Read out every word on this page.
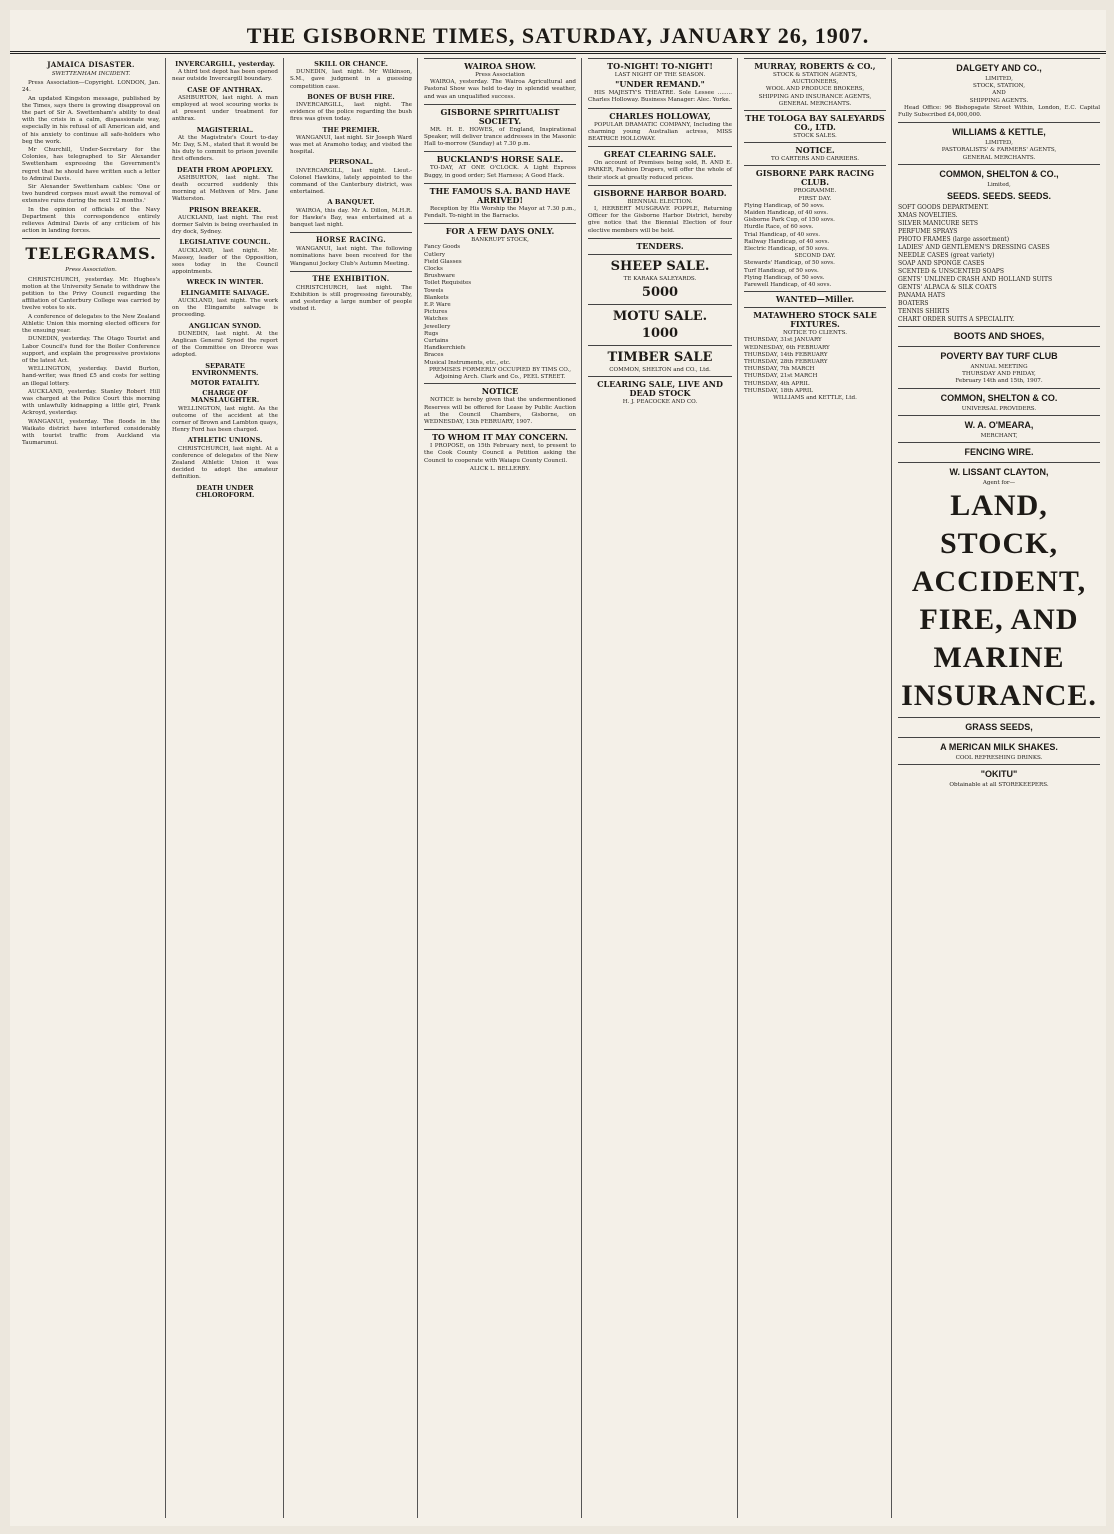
THE GISBORNE TIMES, SATURDAY, JANUARY 26, 1907.
JAMAICA DISASTER.
SWETTENHAM INCIDENT.

Press Association—Copyright. LONDON, Jan. 24.

An updated Kingston message, published by the Times, says there is growing disapproval on the part of Sir A. Swettenham's ability to deal with the crisis in a calm, dispassionate way, especially in his refusal of all American aid, and of his anxiety to continue all safe-holders who beg the work.

Mr Churchill, Under-Secretary for the Colonies, has telegraphed to Sir Alexander Swettenham expressing the Government's regret that he should have written such a letter to Admiral Davis.

Sir Alexander Swettenham cables: 'One or two hundred corpses must await the removal of extensive ruins during the next 12 months.'

In the opinion of officials of the Navy Department this correspondence entirely relieves Admiral Davis of any criticism of his action in landing forces.

TELEGRAMS.
Press Association.

CHRISTCHURCH, yesterday. Mr. Hughes's motion at the University Senate to withdraw the petition to the Privy Council regarding the affiliation of Canterbury College was carried by twelve votes to six.

A conference of delegates to the New Zealand Athletic Union this morning elected officers for the ensuing year.

DUNEDIN, yesterday. The Otago Tourist and Labor Council's fund for the Boiler Conference support, and explain the progressive provisions of the latest Act.

WELLINGTON, yesterday. David Burton, hand-writer, was fined £5 and costs for setting an illegal lottery.

AUCKLAND, yesterday. Stanley Robert Hill was charged at the Police Court this morning with unlawfully kidnapping a little girl, Frank Ackroyd, yesterday.

WANGANUI, yesterday. The floods in the Waikato district have interfered considerably with tourist traffic from Auckland via Taumarunui.

INVERCARGILL, yesterday.

A third test depot has been opened near outside Invercargill boundary.

CASE OF ANTHRAX.

ASHBURTON, last night. A man employed at wool scouring works is at present under treatment for anthrax.

MAGISTERIAL.

At the Magistrate's Court to-day Mr. Day, S.M., stated that it would be his duty to commit to prison juvenile first offenders.

DEATH FROM APOPLEXY.

ASHBURTON, last night. The death occurred suddenly this morning at Methven of Mrs. Jane Watterston.

PRISON BREAKER.

AUCKLAND, last night. The rest dormer Salvin is being overhauled in dry dock, Sydney.

LEGISLATIVE COUNCIL.

AUCKLAND, last night. Mr. Massey, leader of the Opposition, sees today in the Council appointments.

WRECK IN WINTER.
ELINGAMITE SALVAGE.

AUCKLAND, last night. The work on the Elingamite salvage is proceeding.

ANGLICAN SYNOD.

DUNEDIN, last night. At the Anglican General Synod the report of the Committee on Divorce was adopted.

SEPARATE ENVIRONMENTS.
MOTOR FATALITY.
CHARGE OF MANSLAUGHTER.

WELLINGTON, last night. As the outcome of the accident at the corner of Brown and Lambton quays, Henry Ford has been charged.

ATHLETIC UNIONS.

CHRISTCHURCH, last night. At a conference of delegates of the New Zealand Athletic Union it was decided to adopt the amateur definition.

DEATH UNDER CHLOROFORM.
SKILL OR CHANCE.

DUNEDIN, last night. Mr Wilkinson, S.M., gave judgment in a guessing competition case.

BONES OF BUSH FIRE.

INVERCARGILL, last night. The evidence of the police regarding the bush fires was given today.

THE PREMIER.

WANGANUI, last night. Sir Joseph Ward was met at Aramoho today, and visited the hospital.

PERSONAL.

INVERCARGILL, last night. Lieut.-Colonel Hawkins, lately appointed to the command of the Canterbury district, was entertained.

A BANQUET.

WAIROA, this day. Mr A. Dillon, M.H.R. for Hawke's Bay, was entertained at a banquet last night.

HORSE RACING.

WANGANUI, last night. The following nominations have been received for the Wanganui Jockey Club's Autumn Meeting.

THE EXHIBITION.

CHRISTCHURCH, last night. The Exhibition is still progressing favourably, and yesterday a large number of people visited it.

WAIROA SHOW.
Press Association

WAIROA, yesterday. The Wairoa Agricultural and Pastoral Show was held to-day in splendid weather, and was an unqualified success.

GISBORNE SPIRITUALIST SOCIETY.

MR. H. E. HOWES, of England, Inspirational Speaker, will deliver trance addresses in the Masonic Hall to-morrow (Sunday) at 7.30 p.m.

BUCKLAND'S HORSE SALE.

TO-DAY, AT ONE O'CLOCK. A Light Express Buggy, in good order; Set Harness; A Good Hack.

THE FAMOUS S.A. BAND HAVE ARRIVED!

Reception by His Worship the Mayor at 7.30 p.m., Fendalt. To-night in the Barracks.

FOR A FEW DAYS ONLY.
BANKRUPT STOCK,
Fancy Goods
Cutlery
Field Glasses
Clocks
Brushware
Toilet Requisites
Towels
Blankets
E.P. Ware
Pictures
Watches
Jewellery
Rugs
Curtains
Handkerchiefs
Braces
Musical Instruments, etc., etc.
PREMISES FORMERLY OCCUPIED BY TIMS CO., Adjoining Arch. Clark and Co., PEEL STREET.
NOTICE

NOTICE is hereby given that the undermentioned Reserves will be offered for Lease by Public Auction at the Council Chambers, Gisborne, on WEDNESDAY, 13th FEBRUARY, 1907.

TO WHOM IT MAY CONCERN.

I PROPOSE, on 15th February next, to present to the Cook County Council a Petition asking the Council to cooperate with Waiapu County Council.

ALICK L. BELLERBY.
TO-NIGHT! TO-NIGHT!
LAST NIGHT OF THE SEASON.
"UNDER REMAND."

HIS MAJESTY'S THEATRE. Sole Lessee ........ Charles Holloway. Business Manager: Alec. Yorke.

CHARLES HOLLOWAY,

POPULAR DRAMATIC COMPANY, Including the charming young Australian actress, MISS BEATRICE HOLLOWAY.

GREAT CLEARING SALE.

On account of Premises being sold, R. AND E. PARKER, Fashion Drapers, will offer the whole of their stock at greatly reduced prices.

GISBORNE HARBOR BOARD.
BIENNIAL ELECTION.

I, HERBERT MUSGRAVE POPPLE, Returning Officer for the Gisborne Harbor District, hereby give notice that the Biennial Election of four elective members will be held.

TENDERS.
SHEEP SALE.
TE KARAKA SALEYARDS.
5000
MOTU SALE.
1000
TIMBER SALE
COMMON, SHELTON and CO., Ltd.
CLEARING SALE, LIVE AND DEAD STOCK
H. J. PEACOCKE AND CO.
MURRAY, ROBERTS & CO.,
STOCK & STATION AGENTS,
AUCTIONEERS,
WOOL AND PRODUCE BROKERS,
SHIPPING AND INSURANCE AGENTS,
GENERAL MERCHANTS.
THE TOLOGA BAY SALEYARDS CO., LTD.
STOCK SALES.
NOTICE.
TO CARTERS AND CARRIERS.
GISBORNE PARK RACING CLUB.
PROGRAMME.
FIRST DAY.
Flying Handicap, of 50 sovs.
Maiden Handicap, of 40 sovs.
Gisborne Park Cup, of 150 sovs.
Hurdle Race, of 60 sovs.
Trial Handicap, of 40 sovs.
Railway Handicap, of 40 sovs.
Electric Handicap, of 50 sovs.
SECOND DAY.
Stewards' Handicap, of 50 sovs.
Turf Handicap, of 50 sovs.
Flying Handicap, of 50 sovs.
Farewell Handicap, of 40 sovs.
WANTED—Miller.
MATAWHERO STOCK SALE FIXTURES.
NOTICE TO CLIENTS.
THURSDAY, 31st JANUARY
WEDNESDAY, 6th FEBRUARY
THURSDAY, 14th FEBRUARY
THURSDAY, 28th FEBRUARY
THURSDAY, 7th MARCH
THURSDAY, 21st MARCH
THURSDAY, 4th APRIL
THURSDAY, 18th APRIL
WILLIAMS and KETTLE, Ltd.
DALGETY AND CO.,
LIMITED,
STOCK, STATION,
AND
SHIPPING AGENTS.

Head Office: 96 Bishopsgate Street Within, London, E.C. Capital Fully Subscribed £4,000,000.

WILLIAMS & KETTLE,
LIMITED,
PASTORALISTS' & FARMERS' AGENTS,
GENERAL MERCHANTS.
COMMON, SHELTON & CO.,
Limited,
SEEDS. SEEDS. SEEDS.
SOFT GOODS DEPARTMENT.
XMAS NOVELTIES.
SILVER MANICURE SETS
PERFUME SPRAYS
PHOTO FRAMES (large assortment)
LADIES' AND GENTLEMEN'S DRESSING CASES
NEEDLE CASES (great variety)
SOAP AND SPONGE CASES
SCENTED & UNSCENTED SOAPS
GENTS' UNLINED CRASH AND HOLLAND SUITS
GENTS' ALPACA & SILK COATS
PANAMA HATS
BOATERS
TENNIS SHIRTS
CHART ORDER SUITS A SPECIALITY.
BOOTS AND SHOES,
POVERTY BAY TURF CLUB
ANNUAL MEETING
THURSDAY AND FRIDAY,
February 14th and 15th, 1907.
COMMON, SHELTON & CO.
UNIVERSAL PROVIDERS.
W. A. O'MEARA,
MERCHANT,
FENCING WIRE.
W. LISSANT CLAYTON,
Agent for—
LAND,
STOCK,
ACCIDENT,
FIRE, AND
MARINE
INSURANCE.
GRASS SEEDS,
A MERICAN MILK SHAKES.
COOL REFRESHING DRINKS.
"OKITU"
Obtainable at all STOREKEEPERS.
